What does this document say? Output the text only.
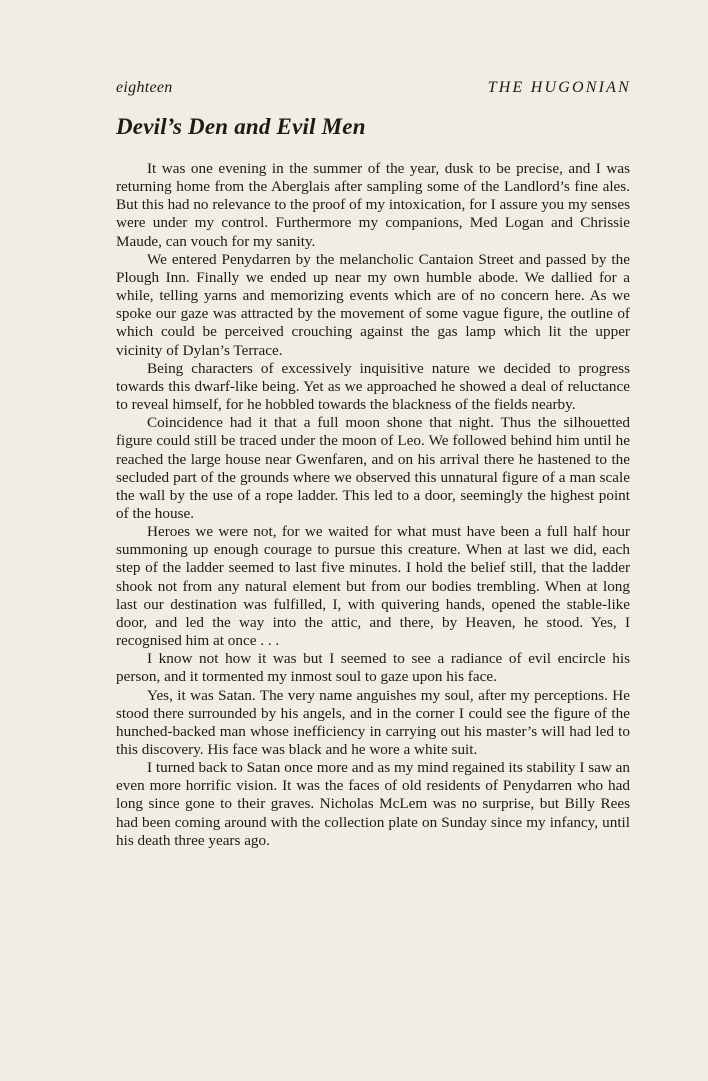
eighteen	THE HUGONIAN
Devil’s Den and Evil Men

It was one evening in the summer of the year, dusk to be precise, and I was returning home from the Aberglais after sampling some of the Landlord’s fine ales. But this had no relevance to the proof of my intoxication, for I assure you my senses were under my control. Furthermore my companions, Med Logan and Chrissie Maude, can vouch for my sanity.

We entered Penydarren by the melancholic Cantaion Street and passed by the Plough Inn. Finally we ended up near my own humble abode. We dallied for a while, telling yarns and memorizing events which are of no concern here. As we spoke our gaze was attracted by the movement of some vague figure, the outline of which could be perceived crouching against the gas lamp which lit the upper vicinity of Dylan’s Terrace.

Being characters of excessively inquisitive nature we decided to progress towards this dwarf-like being. Yet as we approached he showed a deal of reluctance to reveal himself, for he hobbled towards the blackness of the fields nearby.

Coincidence had it that a full moon shone that night. Thus the silhouetted figure could still be traced under the moon of Leo. We followed behind him until he reached the large house near Gwenfaren, and on his arrival there he hastened to the secluded part of the grounds where we observed this unnatural figure of a man scale the wall by the use of a rope ladder. This led to a door, seemingly the highest point of the house.

Heroes we were not, for we waited for what must have been a full half hour summoning up enough courage to pursue this creature. When at last we did, each step of the ladder seemed to last five minutes. I hold the belief still, that the ladder shook not from any natural element but from our bodies trembling. When at long last our destination was fulfilled, I, with quivering hands, opened the stable-like door, and led the way into the attic, and there, by Heaven, he stood. Yes, I recognised him at once . . .

I know not how it was but I seemed to see a radiance of evil encircle his person, and it tormented my inmost soul to gaze upon his face.

Yes, it was Satan. The very name anguishes my soul, after my perceptions. He stood there surrounded by his angels, and in the corner I could see the figure of the hunched-backed man whose inefficiency in carrying out his master’s will had led to this discovery. His face was black and he wore a white suit.

I turned back to Satan once more and as my mind regained its stability I saw an even more horrific vision. It was the faces of old residents of Penydarren who had long since gone to their graves. Nicholas McLem was no surprise, but Billy Rees had been coming around with the collection plate on Sunday since my infancy, until his death three years ago.
